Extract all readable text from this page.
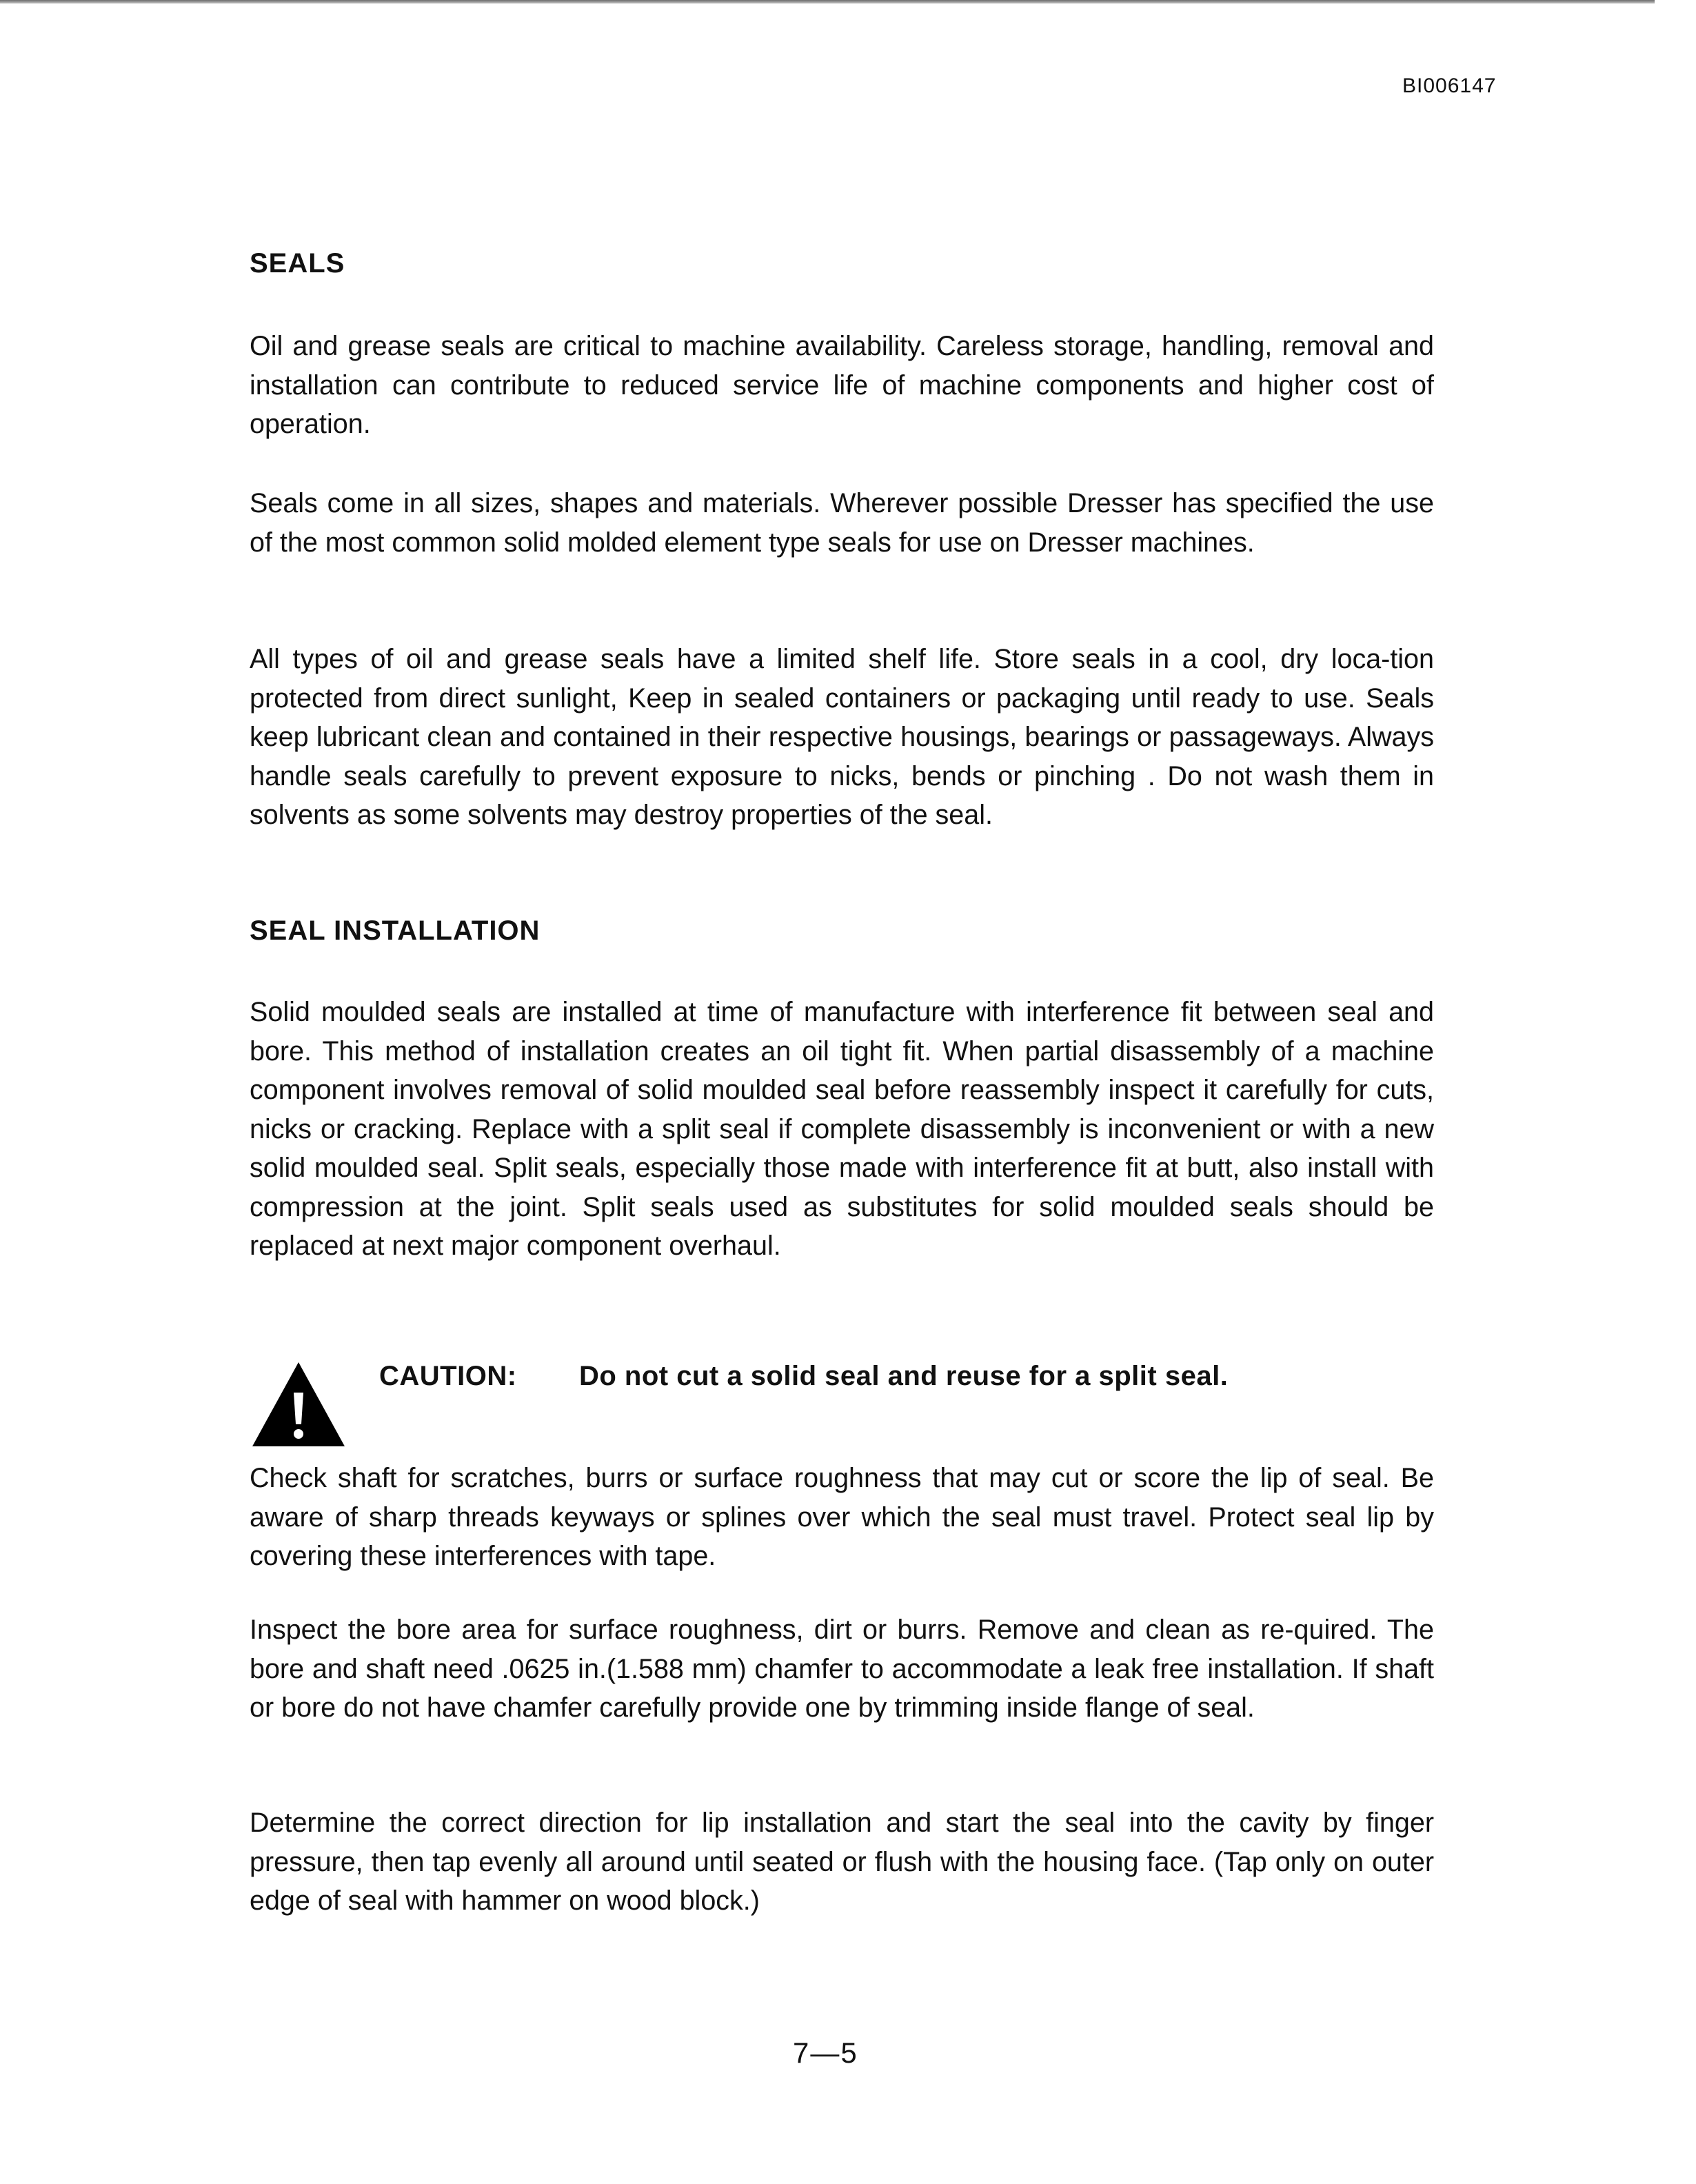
BI006147
SEALS

Oil and grease seals are critical to machine availability. Careless storage, handling, removal and installation can contribute to reduced service life of machine components and higher cost of operation.

Seals come in all sizes, shapes and materials. Wherever possible Dresser has specified the use of the most common solid molded element type seals for use on Dresser machines.

All types of oil and grease seals have a limited shelf life. Store seals in a cool, dry loca-tion protected from direct sunlight, Keep in sealed containers or packaging until ready to use. Seals keep lubricant clean and contained in their respective housings, bearings or passageways. Always handle seals carefully to prevent exposure to nicks, bends or pinching . Do not wash them in solvents as some solvents may destroy properties of the seal.

SEAL INSTALLATION

Solid moulded seals are installed at time of manufacture with interference fit between seal and bore. This method of installation creates an oil tight fit. When partial disassembly of a machine component involves removal of solid moulded seal before reassembly inspect it carefully for cuts, nicks or cracking. Replace with a split seal if complete disassembly is inconvenient or with a new solid moulded seal. Split seals, especially those made with interference fit at butt, also install with compression at the joint. Split seals used as substitutes for solid moulded seals should be replaced at next major component overhaul.

CAUTION: Do not cut a solid seal and reuse for a split seal.

Check shaft for scratches, burrs or surface roughness that may cut or score the lip of seal. Be aware of sharp threads keyways or splines over which the seal must travel. Protect seal lip by covering these interferences with tape.

Inspect the bore area for surface roughness, dirt or burrs. Remove and clean as re-quired. The bore and shaft need .0625 in.(1.588 mm) chamfer to accommodate a leak free installation. If shaft or bore do not have chamfer carefully provide one by trimming inside flange of seal.

Determine the correct direction for lip installation and start the seal into the cavity by finger pressure, then tap evenly all around until seated or flush with the housing face. (Tap only on outer edge of seal with hammer on wood block.)

7—5
